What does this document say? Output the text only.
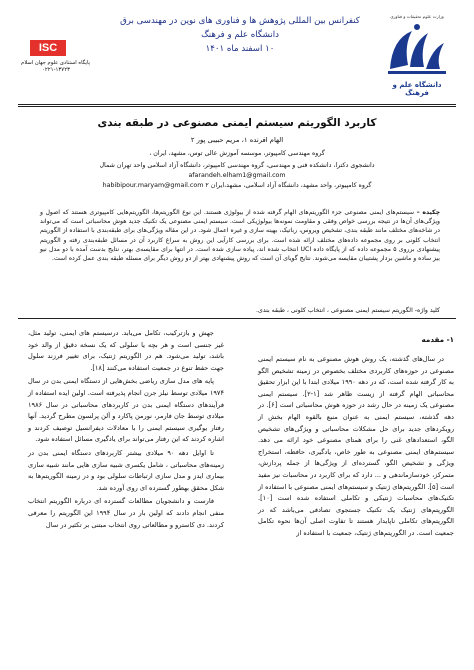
کنفرانس بین المللی پژوهش ها و فناوری های نوین در مهندسی برق
دانشگاه علم و فرهنگ
۱۰ اسفند ماه ۱۴۰۱
ISC
پایگاه استنادی علوم جهان اسلام
۰۲۲۱-۱۳۷۲۳
وزارت علوم تحقیقات و فناوری
دانشگاه علم و فرهنگ
کاربرد الگوریتم سیستم ایمنی مصنوعی در طبقه بندی
الهام افرنده ۱، مریم حبیبی پور ۲
گروه مهندسی کامپیوتر، موسسه آموزش عالی توس، مشهد، ایران ،
دانشجوی دکترا، دانشکده فنی و مهندسی، گروه مهندسی کامپیوتر، دانشگاه آزاد اسلامی واحد تهران شمال
afarandeh.elham1@gmail.com
habibipour.maryam@gmail.com گروه کامپیوتر، واحد مشهد، دانشگاه آزاد اسلامی، مشهد،ایران ۲

چکیده – سیستم‌های ایمنی مصنوعی جزء الگوریتم‌های الهام گرفته شده از بیولوژی هستند. این نوع الگوریتم‌ها، الگوریتم‌هایی کامپیوتری هستند که اصول و ویژگی‌های آن‌ها در نتیجه بررسی خواص وفقی و مقاومت نمونه‌ها بیولوژیکی است. سیستم ایمنی مصنوعی یک تکنیک جدید هوش محاسباتی است که می‌تواند در شاخه‌های مختلف مانند طبقه بندی، تشخیص ویروس، رباتیک، بهینه سازی و غیره اعمال شود. در این مقاله ویژگی‌های برای طبقه‌بندی با استفاده از الگوریتم انتخاب کلونی بر روی مجموعه داده‌های مختلف ارائه شده است. برای بررسی کارآیی این روش به سراغ کاربرد آن در مسائل طبقه‌بندی رفته و الگوریتم پیشنهادی برروی ۵ مجموعه داده که از پایگاه داده UCI انتخاب شده اند، پیاده سازی شده است. در انتها برای مقایسه‌ی بهتر، نتایج بدست آمده با دو مدل نیو بیز ساده و ماشین بردار پشتیبان مقایسه می‌شوند. نتایج گویای آن است که روش پیشنهادی بهتر از دو روش دیگر برای مسئله طبقه بندی عمل کرده است.

کلید واژه- الگوریتم سیستم ایمنی مصنوعی ، انتخاب کلونی ، طبقه بندی.

۱- مقدمه

در سال‌های گذشته، یک روش هوش مصنوعی به نام سیستم ایمنی مصنوعی در حوزه‌های کاربردی مختلف بخصوص در زمینه تشخیص الگو به کار گرفته شده است، که در دهه ۱۹۹۰ میلادی ابتدا با این ابزار تحقیق محاسباتی الهام گرفته از زیست ظاهر شد [۱-۲]. سیستم ایمنی مصنوعی یک زمینه در حال رشد در حوزه هوش محاسباتی است [۶]. در دهه گذشته، سیستم ایمنی به عنوان منبع بالقوه الهام بخش از رویکردهای جدید برای حل مشکلات محاسباتی و ویژگی‌های تشخیص الگو، استعدادهای غنی را برای همتای مصنوعی خود ارائه می دهد. سیستم‌های ایمنی مصنوعی به طور خاص، یادگیری، حافظه، استخراج ویژگی و تشخیص الگو، گسترده‌ای از ویژگی‌ها از جمله پردازش، متمرکز، خودسازماندهی و ... دارد که برای کاربرد در محاسبات نیز مفید است [۵]. الگوریتم‌های ژنتیک و سیستم‌های ایمنی مصنوعی با استفاده از تکنیک‌های محاسبات ژنتیکی و تکاملی استفاده شده است [۱۰]. الگوریتم‌های ژنتیک یک تکنیک جستجوی تصادفی می‌باشد که در الگوریتم‌های تکاملی ناپایدار هستند تا تفاوت اصلی آن‌ها نحوه تکامل جمعیت است. در الگوریتم‌های ژنتیک، جمعیت با استفاده از

جهش و بازترکیب، تکامل می‌یابد. درسیستم های ایمنی، تولید مثل، غیر جنسی است و هر بچه یا سلولی که یک نسخه دقیق از والد خود باشد، تولید می‌شود. هم در الگوریتم ژنتیک، برای تغییر فرزند سلول جهت حفظ تنوع در جمعیت استفاده می‌کنند [۱۸].

پایه های مدل سازی ریاضی بخش‌هایی از دستگاه ایمنی بدن در سال ۱۹۷۴ میلادی توسط نیلز جرن انجام پذیرفته است. اولین ایده استفاده از فرآیندهای دستگاه ایمنی بدن در کاربردهای محاسباتی در سال ۱۹۸۶ میلادی توسط جان فارمر، نورمن پاکارد و آلن پرلسون مطرح گردید. آنها رفتار یوگیری سیستم ایمنی را با معادلات دیفرانسیل توصیف کردند و اشاره کردند که این رفتار می‌تواند برای یادگیری مسائل استفاده شود.

تا اوایل دهه ۹۰ میلادی بیشتر کاربردهای دستگاه ایمنی بدن در زمینه‌های محاسباتی ، شامل یکسری شبیه سازی هایی مانند شبیه سازی بیماری ایدز و مدل سازی ارتباطات سلولی بود و در زمینه الگوریتم‌ها به شکل محقق بهطور گسترده ای روی آورده شد.

فارست و دانشجویان مطالعات گسترده ای درباره الگوریتم انتخاب منفی انجام دادند که اولین بار در سال ۱۹۹۴ این الگوریتم را معرفی کردند. دی کاسترو و مطالعاتی روی انتخاب مبتنی بر تکثیر در سال
